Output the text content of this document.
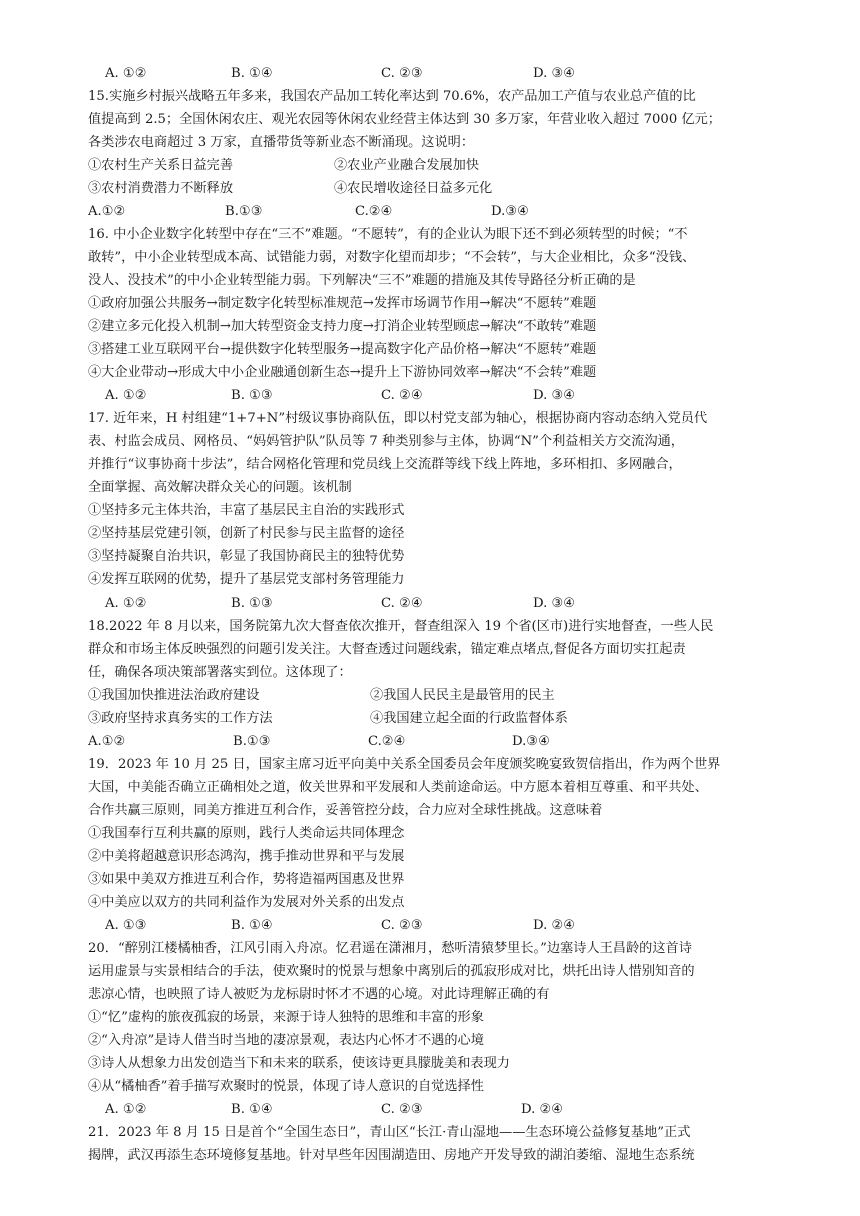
A. ①②	B. ①④	C. ②③	D. ③④
15.实施乡村振兴战略五年多来，我国农产品加工转化率达到 70.6%，农产品加工产值与农业总产值的比
值提高到 2.5；全国休闲农庄、观光农园等休闲农业经营主体达到 30 多万家，年营业收入超过 7000 亿元；
各类涉农电商超过 3 万家，直播带货等新业态不断涌现。这说明：
①农村生产关系日益完善	②农业产业融合发展加快
③农村消费潜力不断释放	④农民增收途径日益多元化
A.①②	B.①③	C.②④	D.③④
16. 中小企业数字化转型中存在“三不”难题。“不愿转”，有的企业认为眼下还不到必须转型的时候；“不
敢转”，中小企业转型成本高、试错能力弱，对数字化望而却步；“不会转”，与大企业相比，众多“没钱、
没人、没技术”的中小企业转型能力弱。下列解决“三不”难题的措施及其传导路径分析正确的是
①政府加强公共服务→制定数字化转型标准规范→发挥市场调节作用→解决“不愿转”难题
②建立多元化投入机制→加大转型资金支持力度→打消企业转型顾虑→解决“不敢转”难题
③搭建工业互联网平台→提供数字化转型服务→提高数字化产品价格→解决“不愿转”难题
④大企业带动→形成大中小企业融通创新生态→提升上下游协同效率→解决“不会转”难题
A. ①②	B. ①③	C. ②④	D. ③④
17. 近年来，H 村组建“1+7+N”村级议事协商队伍，即以村党支部为轴心，根据协商内容动态纳入党员代
表、村监会成员、网格员、“妈妈管护队”队员等 7 种类别参与主体，协调“N”个利益相关方交流沟通，
并推行“议事协商十步法”，结合网格化管理和党员线上交流群等线下线上阵地，多环相扣、多网融合，
全面掌握、高效解决群众关心的问题。该机制
①坚持多元主体共治，丰富了基层民主自治的实践形式
②坚持基层党建引领，创新了村民参与民主监督的途径
③坚持凝聚自治共识，彰显了我国协商民主的独特优势
④发挥互联网的优势，提升了基层党支部村务管理能力
A. ①②	B. ①③	C. ②④	D. ③④
18.2022 年 8 月以来，国务院第九次大督查依次推开，督查组深入 19 个省(区市)进行实地督查，一些人民
群众和市场主体反映强烈的问题引发关注。大督查透过问题线索，锚定难点堵点,督促各方面切实扛起责
任，确保各项决策部署落实到位。这体现了：
①我国加快推进法治政府建设	②我国人民民主是最管用的民主
③政府坚持求真务实的工作方法	④我国建立起全面的行政监督体系
A.①②	B.①③	C.②④	D.③④
19．2023 年 10 月 25 日，国家主席习近平向美中关系全国委员会年度颁奖晚宴致贺信指出，作为两个世界
大国，中美能否确立正确相处之道，攸关世界和平发展和人类前途命运。中方愿本着相互尊重、和平共处、
合作共赢三原则，同美方推进互利合作，妥善管控分歧，合力应对全球性挑战。这意味着
①我国奉行互利共赢的原则，践行人类命运共同体理念
②中美将超越意识形态鸿沟，携手推动世界和平与发展
③如果中美双方推进互利合作，势将造福两国惠及世界
④中美应以双方的共同利益作为发展对外关系的出发点
A. ①③	B. ①④	C. ②③	D. ②④
20．“醉别江楼橘柚香，江风引雨入舟凉。忆君遥在潇湘月，愁听清猿梦里长。”边塞诗人王昌龄的这首诗
运用虚景与实景相结合的手法，使欢聚时的悦景与想象中离别后的孤寂形成对比，烘托出诗人惜别知音的
悲凉心情，也映照了诗人被贬为龙标尉时怀才不遇的心境。对此诗理解正确的有
①“忆”虚构的旅夜孤寂的场景，来源于诗人独特的思维和丰富的形象
②“入舟凉”是诗人借当时当地的凄凉景观，表达内心怀才不遇的心境
③诗人从想象力出发创造当下和未来的联系，使该诗更具朦胧美和表现力
④从“橘柚香”着手描写欢聚时的悦景，体现了诗人意识的自觉选择性
A. ①②	B. ①④	C. ②③	D. ②④
21．2023 年 8 月 15 日是首个“全国生态日”，青山区“长江·青山湿地——生态环境公益修复基地”正式
揭牌，武汉再添生态环境修复基地。针对早些年因围湖造田、房地产开发导致的湖泊萎缩、湿地生态系统
